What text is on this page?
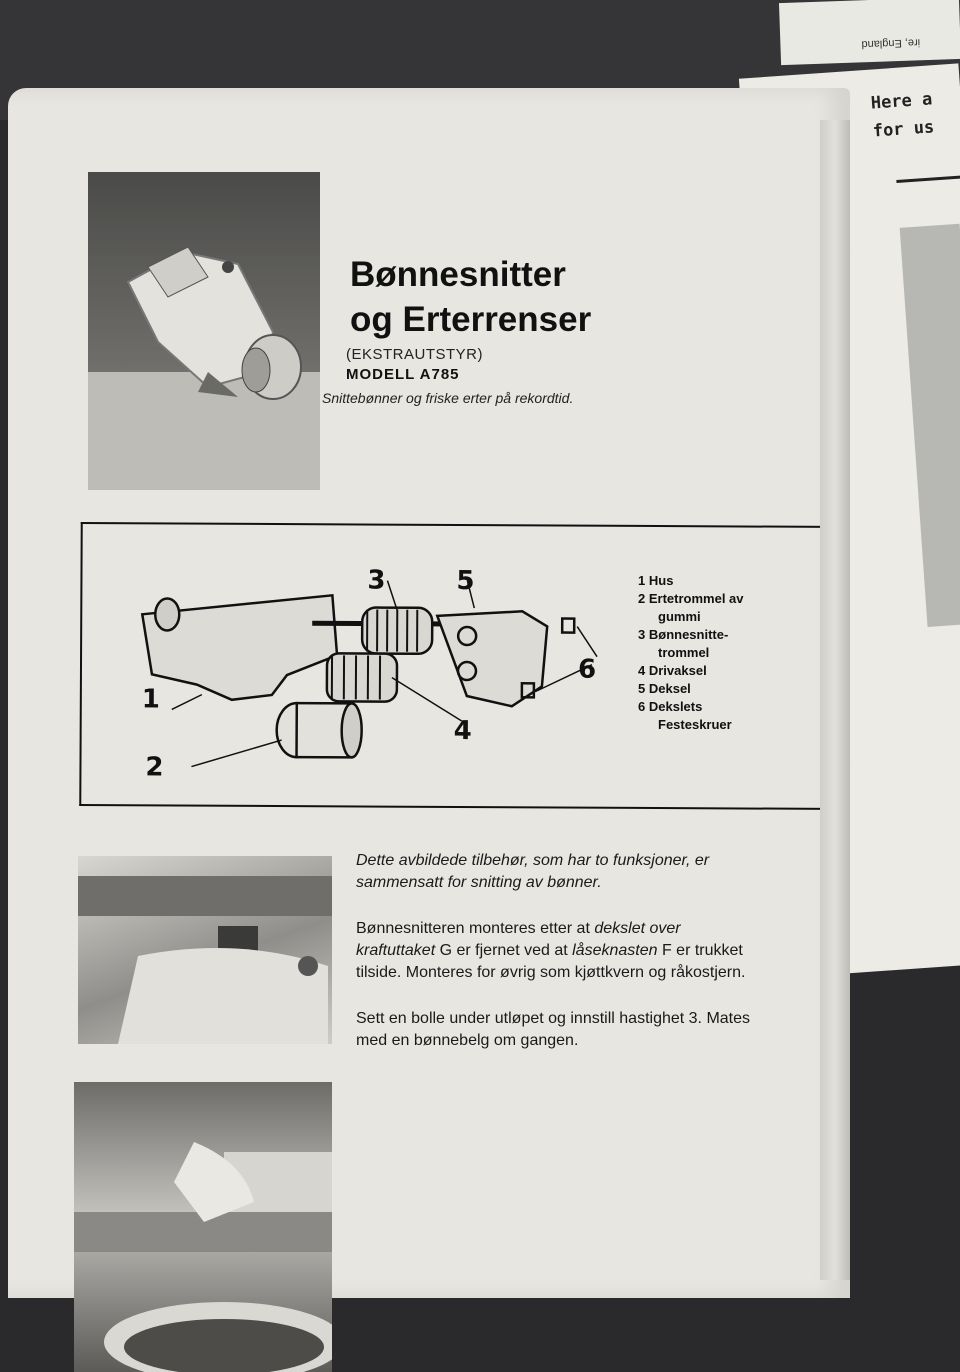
ire, England
Here a
for us
Bønnesnitter
og Erterrenser
(EKSTRAUTSTYR)
MODELL A785
Snittebønner og friske erter på rekordtid.
1
2
3
4
5
6
1 Hus
2 Ertetrommel av
gummi
3 Bønnesnitte-
trommel
4 Drivaksel
5 Deksel
6 Dekslets
Festeskruer

Dette avbildede tilbehør, som har to funksjoner, er sammensatt for snitting av bønner.

Bønnesnitteren monteres etter at dekslet over kraftuttaket G er fjernet ved at låseknasten F er trukket tilside. Monteres for øvrig som kjøttkvern og råkostjern.

Sett en bolle under utløpet og innstill hastighet 3. Mates med en bønnebelg om gangen.
